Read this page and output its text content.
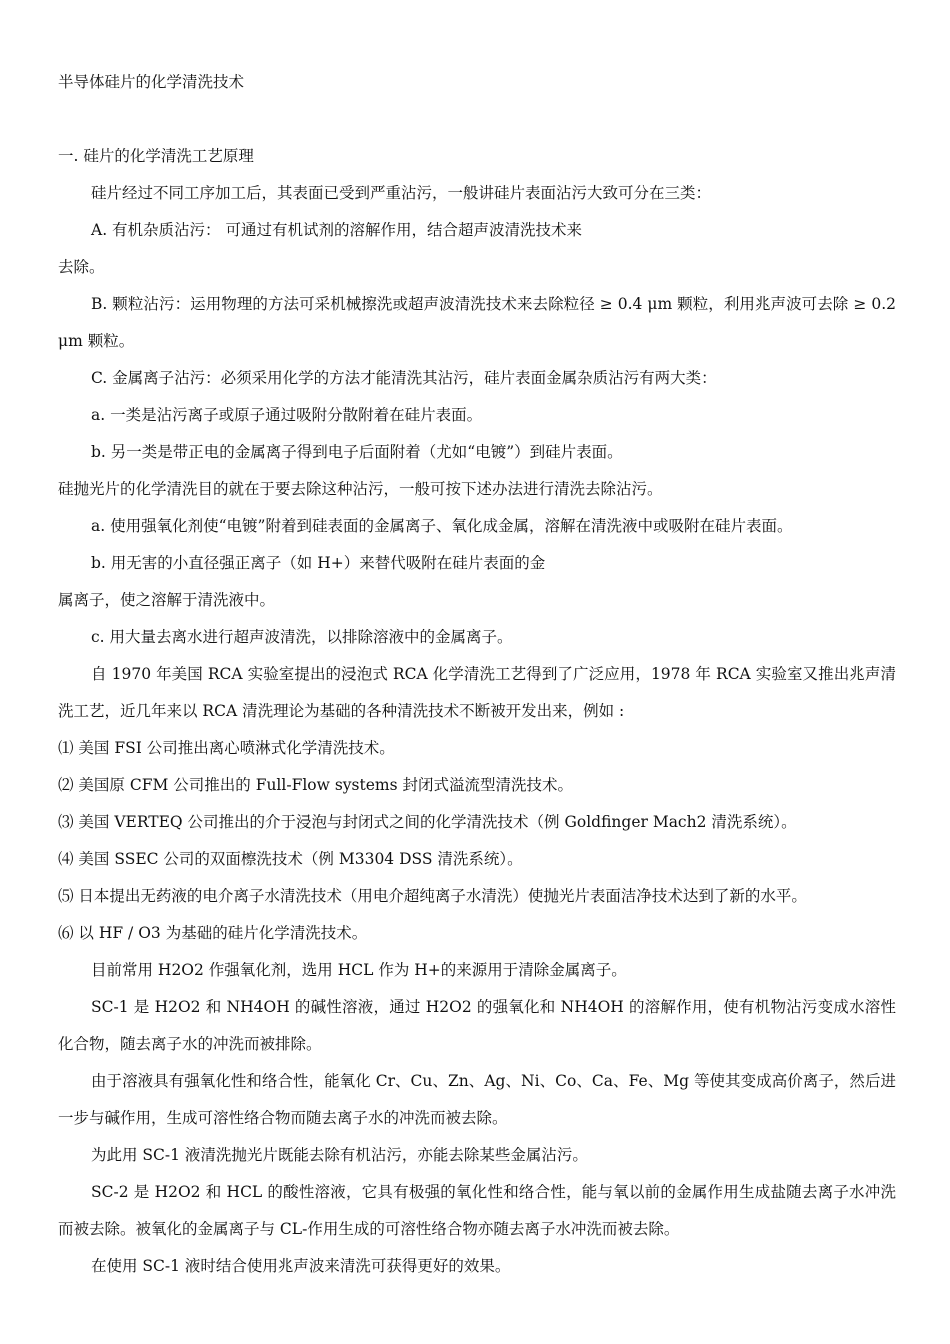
半导体硅片的化学清洗技术

一. 硅片的化学清洗工艺原理

硅片经过不同工序加工后，其表面已受到严重沾污，一般讲硅片表面沾污大致可分在三类：

A. 有机杂质沾污： 可通过有机试剂的溶解作用，结合超声波清洗技术来

去除。

B. 颗粒沾污：运用物理的方法可采机械擦洗或超声波清洗技术来去除粒径 ≥ 0.4 μm 颗粒，利用兆声波可去除 ≥ 0.2 μm 颗粒。

C. 金属离子沾污：必须采用化学的方法才能清洗其沾污，硅片表面金属杂质沾污有两大类：

a. 一类是沾污离子或原子通过吸附分散附着在硅片表面。

b. 另一类是带正电的金属离子得到电子后面附着（尤如“电镀”）到硅片表面。

硅抛光片的化学清洗目的就在于要去除这种沾污，一般可按下述办法进行清洗去除沾污。

a. 使用强氧化剂使“电镀”附着到硅表面的金属离子、氧化成金属，溶解在清洗液中或吸附在硅片表面。

b. 用无害的小直径强正离子（如 H+）来替代吸附在硅片表面的金

属离子，使之溶解于清洗液中。

c. 用大量去离水进行超声波清洗，以排除溶液中的金属离子。

自 1970 年美国 RCA 实验室提出的浸泡式 RCA 化学清洗工艺得到了广泛应用，1978 年 RCA 实验室又推出兆声清洗工艺，近几年来以 RCA 清洗理论为基础的各种清洗技术不断被开发出来，例如 :

⑴ 美国 FSI 公司推出离心喷淋式化学清洗技术。

⑵ 美国原 CFM 公司推出的 Full-Flow systems 封闭式溢流型清洗技术。

⑶ 美国 VERTEQ 公司推出的介于浸泡与封闭式之间的化学清洗技术（例 Goldfinger Mach2 清洗系统）。

⑷ 美国 SSEC 公司的双面檫洗技术（例 M3304 DSS 清洗系统）。

⑸ 日本提出无药液的电介离子水清洗技术（用电介超纯离子水清洗）使抛光片表面洁净技术达到了新的水平。

⑹ 以 HF / O3 为基础的硅片化学清洗技术。

目前常用 H2O2 作强氧化剂，选用 HCL 作为 H+的来源用于清除金属离子。

SC-1 是 H2O2 和 NH4OH 的碱性溶液，通过 H2O2 的强氧化和 NH4OH 的溶解作用，使有机物沾污变成水溶性化合物，随去离子水的冲洗而被排除。

由于溶液具有强氧化性和络合性，能氧化 Cr、Cu、Zn、Ag、Ni、Co、Ca、Fe、Mg 等使其变成高价离子，然后进一步与碱作用，生成可溶性络合物而随去离子水的冲洗而被去除。

为此用 SC-1 液清洗抛光片既能去除有机沾污，亦能去除某些金属沾污。

SC-2 是 H2O2 和 HCL 的酸性溶液，它具有极强的氧化性和络合性，能与氧以前的金属作用生成盐随去离子水冲洗而被去除。被氧化的金属离子与 CL-作用生成的可溶性络合物亦随去离子水冲洗而被去除。

在使用 SC-1 液时结合使用兆声波来清洗可获得更好的效果。
